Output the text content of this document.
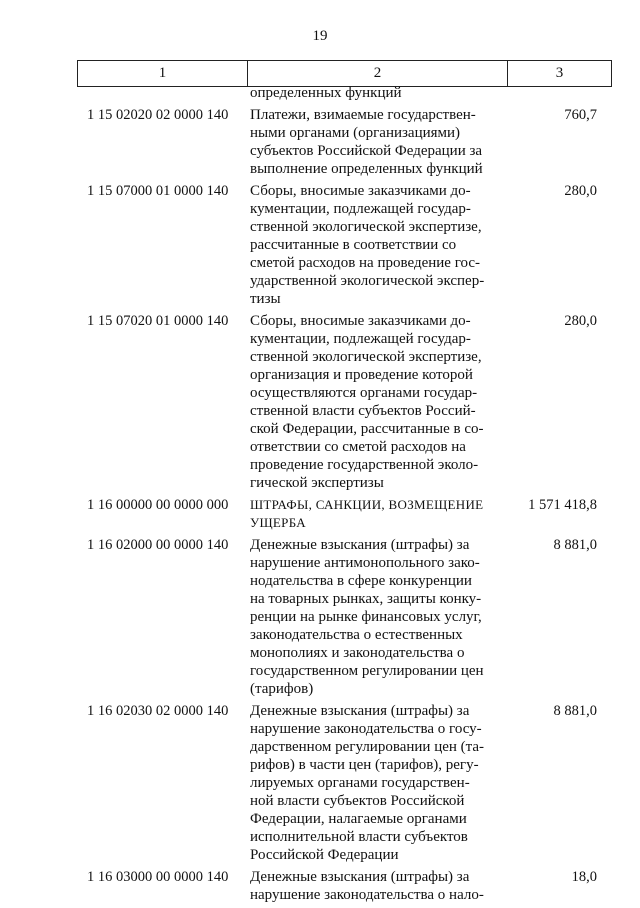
19
1	2	3
определенных функций
1 15 02020 02 0000 140	Платежи, взимаемые государствен-
ными органами (организациями)
субъектов Российской Федерации за
выполнение определенных функций
760,7
1 15 07000 01 0000 140	Сборы, вносимые заказчиками до-
кументации, подлежащей государ-
ственной экологической экспертизе,
рассчитанные в соответствии со
сметой расходов на проведение гос-
ударственной экологической экспер-
тизы
280,0
1 15 07020 01 0000 140	Сборы, вносимые заказчиками до-
кументации, подлежащей государ-
ственной экологической экспертизе,
организация и проведение которой
осуществляются органами государ-
ственной власти субъектов Россий-
ской Федерации, рассчитанные в со-
ответствии со сметой расходов на
проведение государственной эколо-
гической экспертизы
280,0
1 16 00000 00 0000 000	ШТРАФЫ, САНКЦИИ, ВОЗМЕЩЕНИЕ
УЩЕРБА
1 571 418,8
1 16 02000 00 0000 140	Денежные взыскания (штрафы) за
нарушение антимонопольного зако-
нодательства в сфере конкуренции
на товарных рынках, защиты конку-
ренции на рынке финансовых услуг,
законодательства о естественных
монополиях и законодательства о
государственном регулировании цен
(тарифов)
8 881,0
1 16 02030 02 0000 140	Денежные взыскания (штрафы) за
нарушение законодательства о госу-
дарственном регулировании цен (та-
рифов) в части цен (тарифов), регу-
лируемых органами государствен-
ной власти субъектов Российской
Федерации, налагаемые органами
исполнительной власти субъектов
Российской Федерации
8 881,0
1 16 03000 00 0000 140	Денежные взыскания (штрафы) за
нарушение законодательства о нало-
18,0
